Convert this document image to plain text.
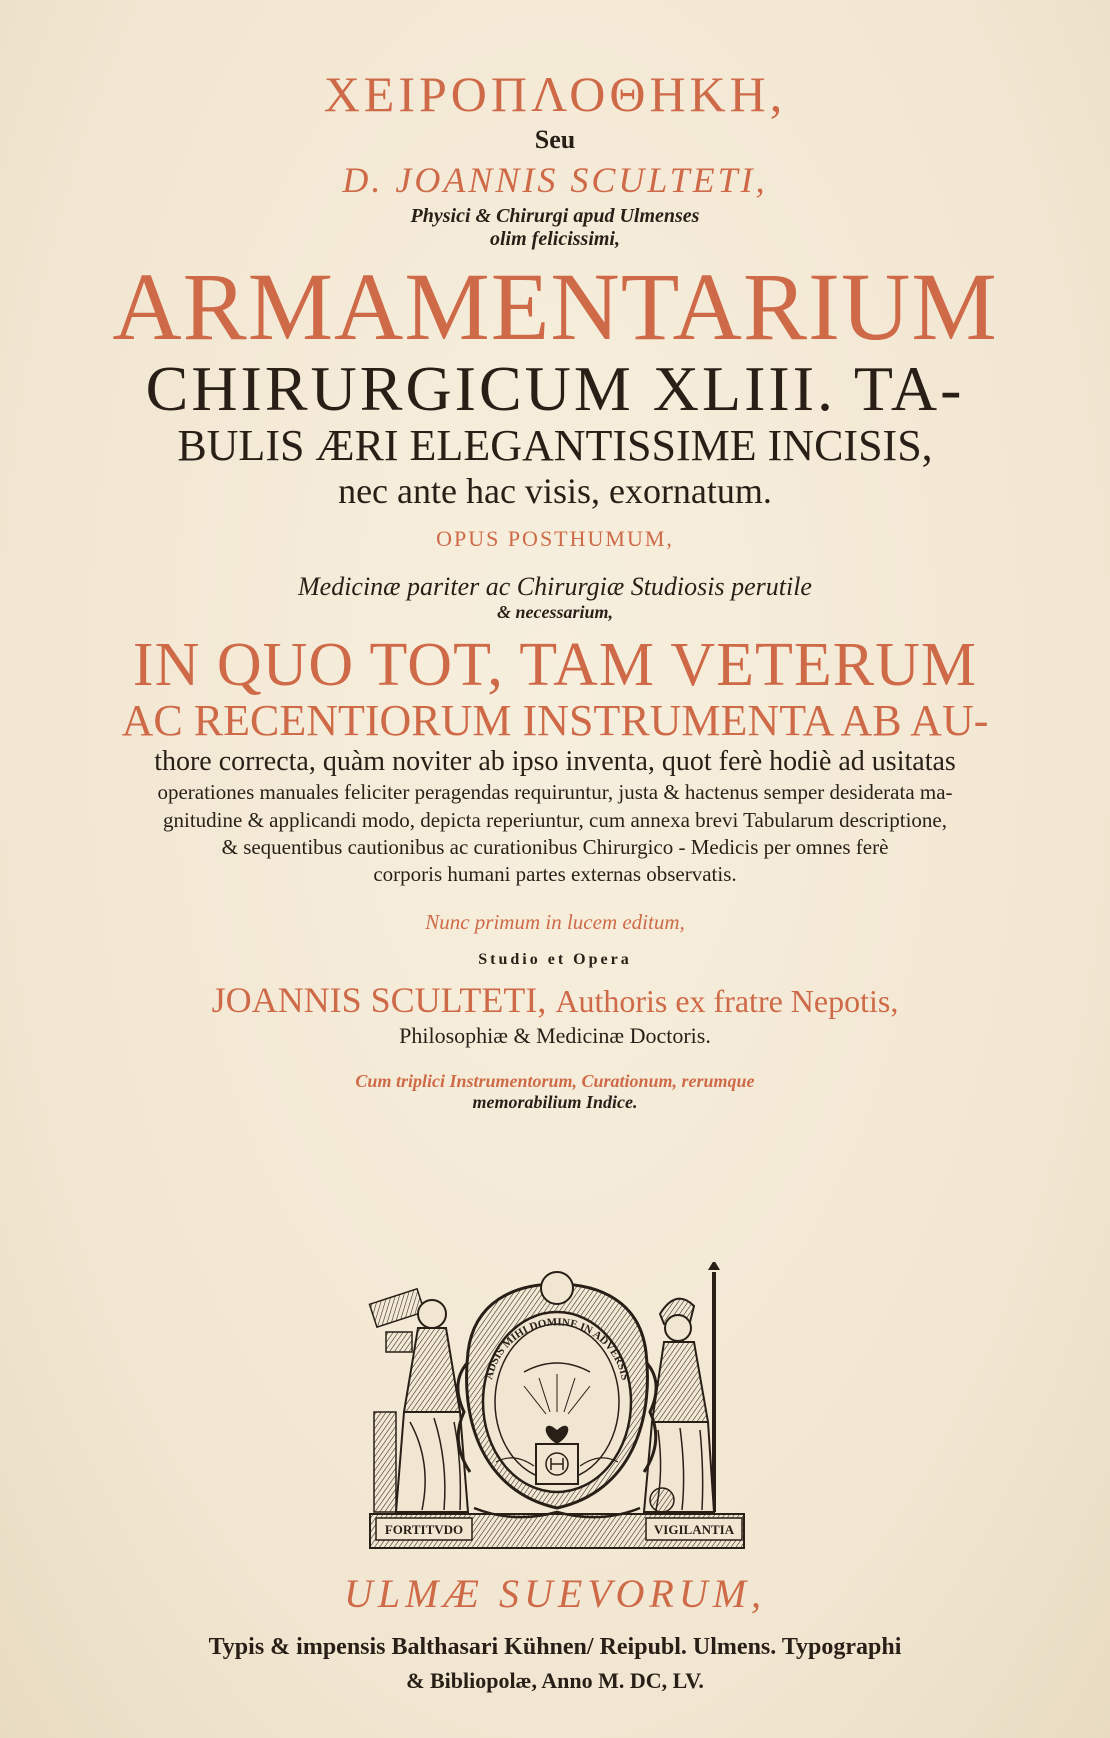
ΧΕΙΡΟΠΛΟΘΗΚΗ,
Seu
D. JOANNIS SCULTETI,
Physici & Chirurgi apud Ulmenses
olim felicissimi,
ARMAMENTARIUM
CHIRURGICUM XLIII. TA-
BULIS ÆRI ELEGANTISSIME INCISIS,
nec ante hac visis, exornatum.
OPUS POSTHUMUM,
Medicinæ pariter ac Chirurgiæ Studiosis perutile
& necessarium,
IN QUO TOT, TAM VETERUM
AC RECENTIORUM INSTRUMENTA AB AU-
thore correcta, quàm noviter ab ipso inventa, quot ferè hodiè ad usitatas
operationes manuales feliciter peragendas requiruntur, justa & hactenus semper desiderata ma-
gnitudine & applicandi modo, depicta reperiuntur, cum annexa brevi Tabularum descriptione,
& sequentibus cautionibus ac curationibus Chirurgico - Medicis per omnes ferè
corporis humani partes externas observatis.
Nunc primum in lucem editum,
Studio et Opera
JOANNIS SCULTETI, Authoris ex fratre Nepotis,
Philosophiæ & Medicinæ Doctoris.
Cum triplici Instrumentorum, Curationum, rerumque
memorabilium Indice.
FORTITVDO	VIGILANTIA
ADSIS MIHI DOMINE IN ADVERSIS
ULMÆ SUEVORUM,
Typis & impensis Balthasari Kühnen/ Reipubl. Ulmens. Typographi
& Bibliopolæ, Anno M. DC, LV.
